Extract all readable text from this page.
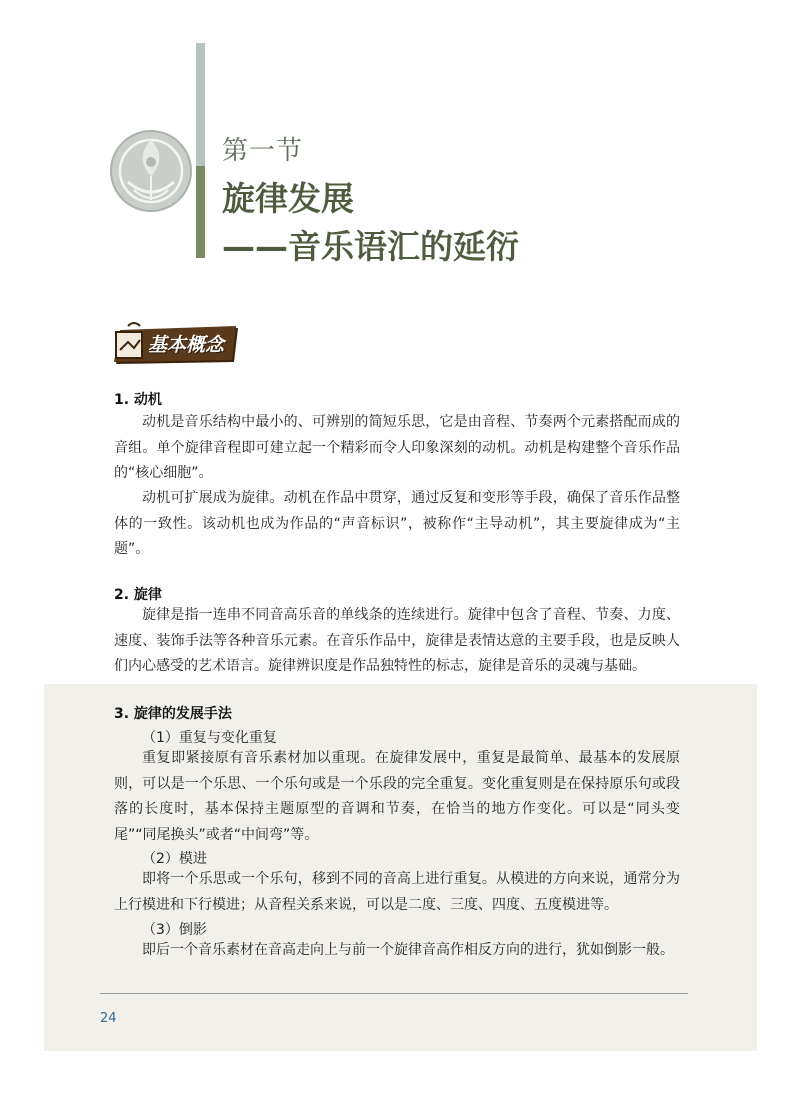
第一节
旋律发展
——音乐语汇的延衍
基本概念
1. 动机

动机是音乐结构中最小的、可辨别的简短乐思，它是由音程、节奏两个元素搭配而成的音组。单个旋律音程即可建立起一个精彩而令人印象深刻的动机。动机是构建整个音乐作品的“核心细胞”。

动机可扩展成为旋律。动机在作品中贯穿，通过反复和变形等手段，确保了音乐作品整体的一致性。该动机也成为作品的“声音标识”，被称作“主导动机”，其主要旋律成为“主题”。

2. 旋律

旋律是指一连串不同音高乐音的单线条的连续进行。旋律中包含了音程、节奏、力度、速度、装饰手法等各种音乐元素。在音乐作品中，旋律是表情达意的主要手段，也是反映人们内心感受的艺术语言。旋律辨识度是作品独特性的标志，旋律是音乐的灵魂与基础。

3. 旋律的发展手法
（1）重复与变化重复

重复即紧接原有音乐素材加以重现。在旋律发展中，重复是最简单、最基本的发展原则，可以是一个乐思、一个乐句或是一个乐段的完全重复。变化重复则是在保持原乐句或段落的长度时，基本保持主题原型的音调和节奏，在恰当的地方作变化。可以是“同头变尾”“同尾换头”或者“中间弯”等。

（2）模进

即将一个乐思或一个乐句，移到不同的音高上进行重复。从模进的方向来说，通常分为上行模进和下行模进；从音程关系来说，可以是二度、三度、四度、五度模进等。

（3）倒影

即后一个音乐素材在音高走向上与前一个旋律音高作相反方向的进行，犹如倒影一般。

24
